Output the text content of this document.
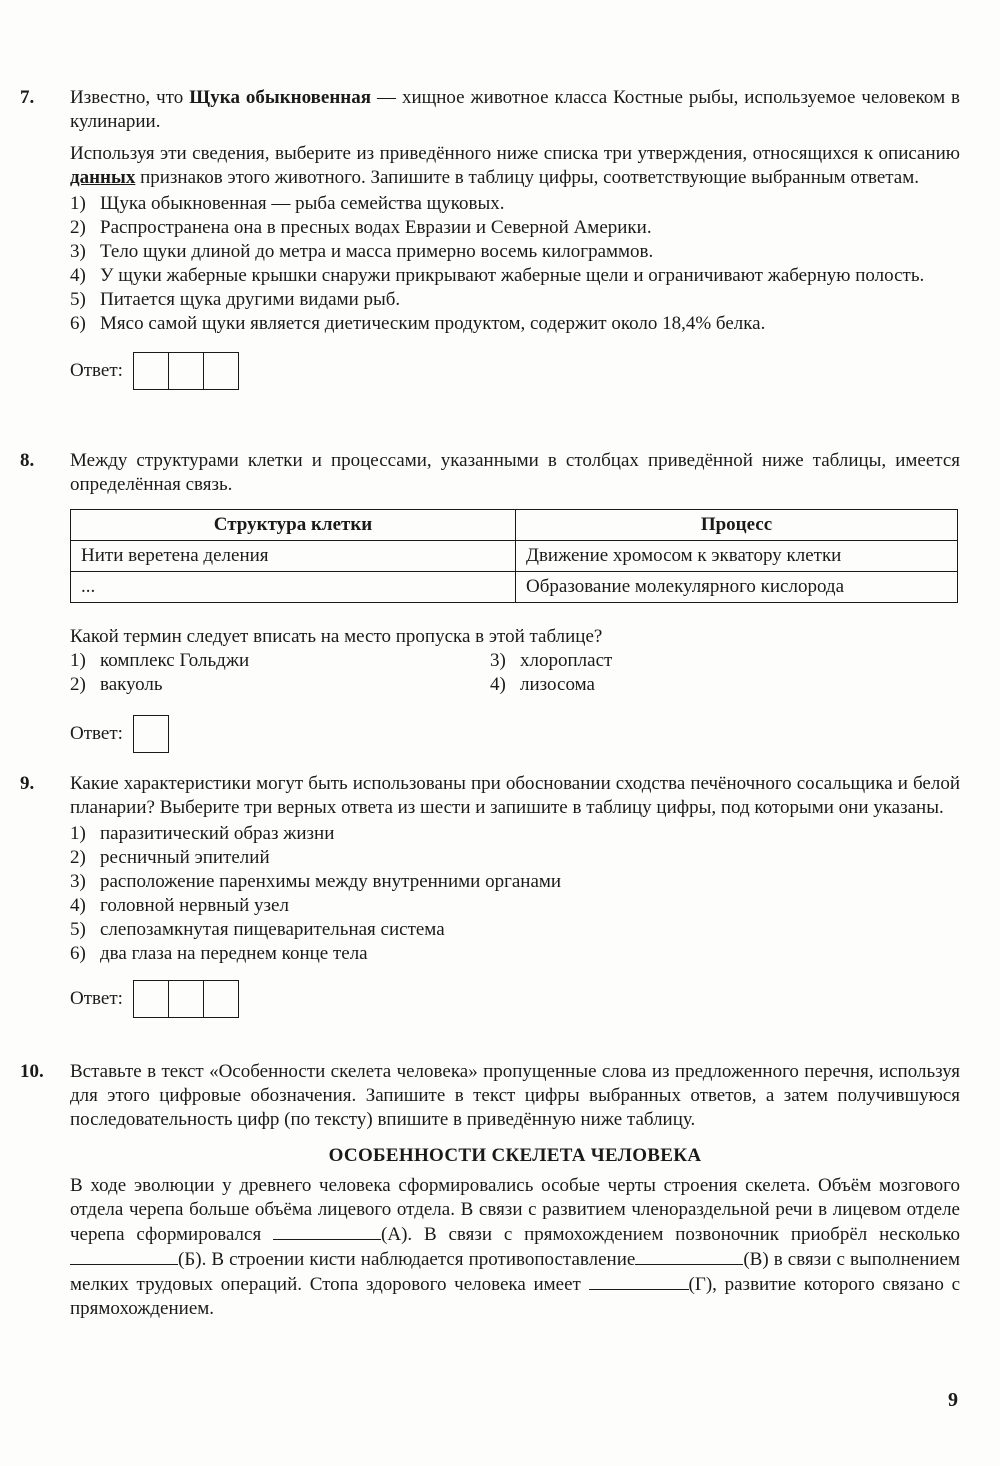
7.	Известно, что Щука обыкновенная — хищное животное класса Костные рыбы, используемое человеком в кулинарии.

Используя эти сведения, выберите из приведённого ниже списка три утверждения, относящихся к описанию данных признаков этого животного. Запишите в таблицу цифры, соответствующие выбранным ответам.

1) Щука обыкновенная — рыба семейства щуковых.
2) Распространена она в пресных водах Евразии и Северной Америки.
3) Тело щуки длиной до метра и масса примерно восемь килограммов.
4) У щуки жаберные крышки снаружи прикрывают жаберные щели и ограничивают жаберную полость.
5) Питается щука другими видами рыб.
6) Мясо самой щуки является диетическим продуктом, содержит около 18,4% белка.
Ответ:
8.	Между структурами клетки и процессами, указанными в столбцах приведённой ниже таблицы, имеется определённая связь.

Структура клетки	Процесс
Нити веретена деления	Движение хромосом к экватору клетки
...	Образование молекулярного кислорода

Какой термин следует вписать на место пропуска в этой таблице?

1) комплекс Гольджи
2) вакуоль
3) хлоропласт
4) лизосома
Ответ:
9.	Какие характеристики могут быть использованы при обосновании сходства печёночного сосальщика и белой планарии? Выберите три верных ответа из шести и запишите в таблицу цифры, под которыми они указаны.

1) паразитический образ жизни
2) ресничный эпителий
3) расположение паренхимы между внутренними органами
4) головной нервный узел
5) слепозамкнутая пищеварительная система
6) два глаза на переднем конце тела
Ответ:
10.	Вставьте в текст «Особенности скелета человека» пропущенные слова из предложенного перечня, используя для этого цифровые обозначения. Запишите в текст цифры выбранных ответов, а затем получившуюся последовательность цифр (по тексту) впишите в приведённую ниже таблицу.

ОСОБЕННОСТИ СКЕЛЕТА ЧЕЛОВЕКА

В ходе эволюции у древнего человека сформировались особые черты строения скелета. Объём мозгового отдела черепа больше объёма лицевого отдела. В связи с развитием членораздельной речи в лицевом отделе черепа сформировался	(А). В связи с прямохождением позвоночник приобрёл несколько (Б). В строении кисти наблюдается противопоставление	(В) в связи с выполнением мелких трудовых операций. Стопа здорового человека имеет	(Г), развитие которого связано с прямохождением.

9
